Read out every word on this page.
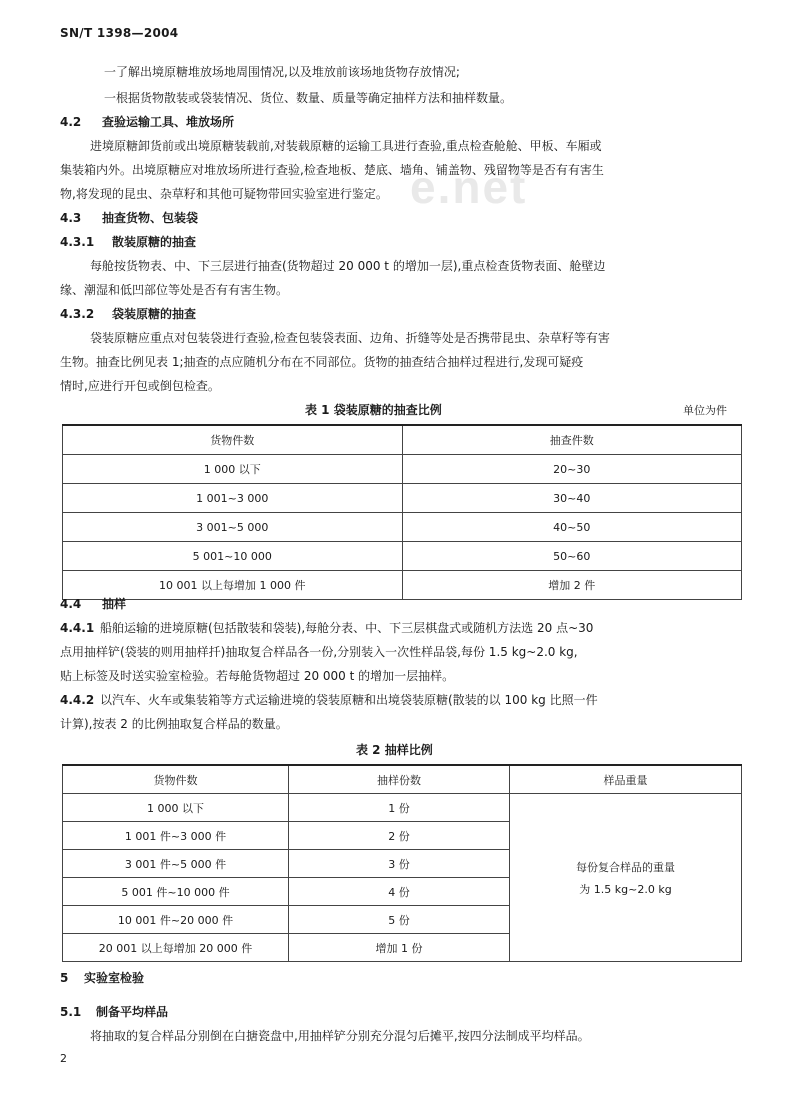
SN/T 1398—2004
e.net
一了解出境原糖堆放场地周围情况,以及堆放前该场地货物存放情况;
一根据货物散装或袋装情况、货位、数量、质量等确定抽样方法和抽样数量。
4.2 查验运输工具、堆放场所
进境原糖卸货前或出境原糖装载前,对装载原糖的运输工具进行查验,重点检查舱舱、甲板、车厢或
集装箱内外。出境原糖应对堆放场所进行查验,检查地板、楚底、墙角、铺盖物、残留物等是否有有害生
物,将发现的昆虫、杂草籽和其他可疑物带回实验室进行鉴定。
4.3 抽查货物、包装袋
4.3.1 散装原糖的抽查
每舱按货物表、中、下三层进行抽查(货物超过 20 000 t 的增加一层),重点检查货物表面、舱壁边
缘、潮湿和低凹部位等处是否有有害生物。
4.3.2 袋装原糖的抽查
袋装原糖应重点对包装袋进行查验,检查包装袋表面、边角、折缝等处是否携带昆虫、杂草籽等有害
生物。抽查比例见表 1;抽查的点应随机分布在不同部位。货物的抽查结合抽样过程进行,发现可疑疫
情时,应进行开包或倒包检查。
表 1 袋装原糖的抽查比例	单位为件
货物件数	抽查件数
1 000 以下	20~30
1 001~3 000	30~40
3 001~5 000	40~50
5 001~10 000	50~60
10 001 以上每增加 1 000 件	增加 2 件
4.4 抽样
4.4.1 船舶运输的进境原糖(包括散装和袋装),每舱分表、中、下三层棋盘式或随机方法选 20 点~30
点用抽样铲(袋装的则用抽样扦)抽取复合样品各一份,分别装入一次性样品袋,每份 1.5 kg~2.0 kg,
贴上标签及时送实验室检验。若每舱货物超过 20 000 t 的增加一层抽样。
4.4.2 以汽车、火车或集装箱等方式运输进境的袋装原糖和出境袋装原糖(散装的以 100 kg 比照一件
计算),按表 2 的比例抽取复合样品的数量。
表 2 抽样比例
货物件数	抽样份数	样品重量
1 000 以下	1 份	每份复合样品的重量
为 1.5 kg~2.0 kg

1 001 件~3 000 件	2 份	
3 001 件~5 000 件	3 份	
5 001 件~10 000 件	4 份	
10 001 件~20 000 件	5 份	
20 001 以上每增加 20 000 件	增加 1 份	
5 实验室检验
5.1 制备平均样品
将抽取的复合样品分别倒在白搪瓷盘中,用抽样铲分别充分混匀后摊平,按四分法制成平均样品。
2
